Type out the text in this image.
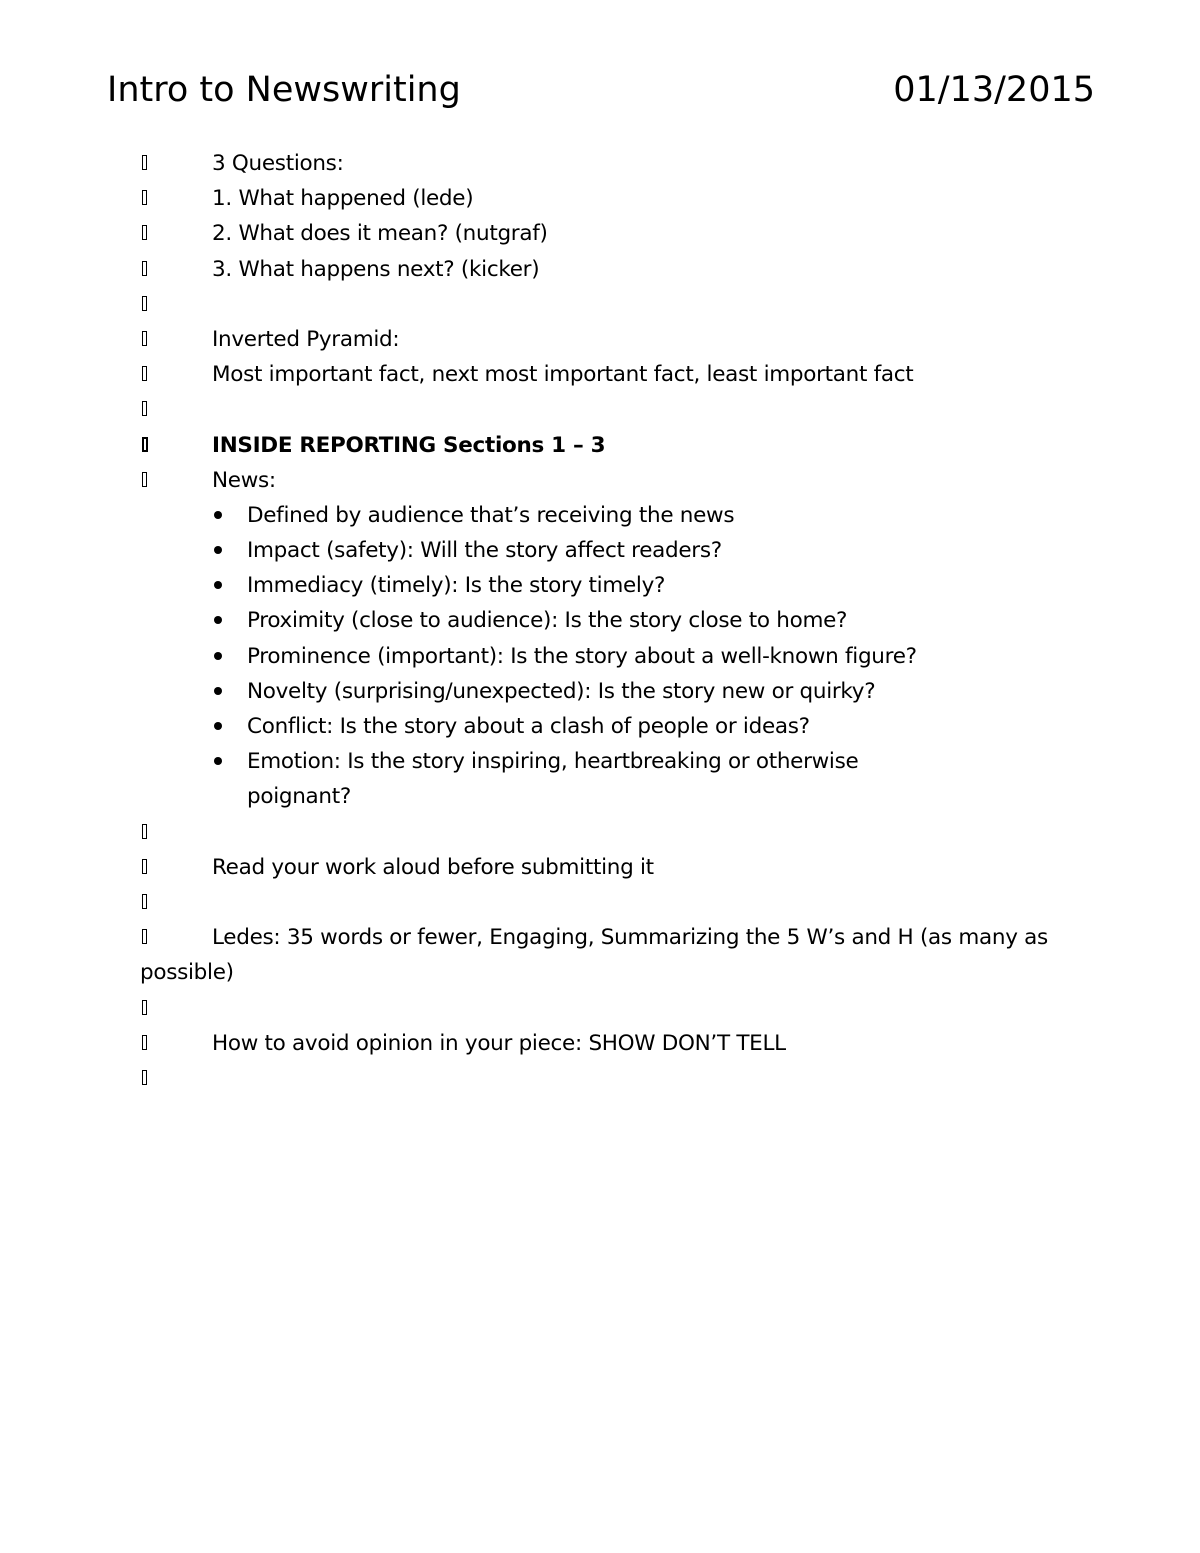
Intro to Newswriting	01/13/2015
3 Questions:
1. What happened (lede)
2. What does it mean? (nutgraf)
3. What happens next? (kicker)
Inverted Pyramid:
Most important fact, next most important fact, least important fact
INSIDE REPORTING Sections 1 – 3
News:
Defined by audience that’s receiving the news
Impact (safety): Will the story affect readers?
Immediacy (timely): Is the story timely?
Proximity (close to audience): Is the story close to home?
Prominence (important): Is the story about a well-known figure?
Novelty (surprising/unexpected): Is the story new or quirky?
Conflict: Is the story about a clash of people or ideas?
Emotion: Is the story inspiring, heartbreaking or otherwise poignant?
Read your work aloud before submitting it
Ledes: 35 words or fewer, Engaging, Summarizing the 5 W’s and H (as many as possible)
How to avoid opinion in your piece: SHOW DON’T TELL
